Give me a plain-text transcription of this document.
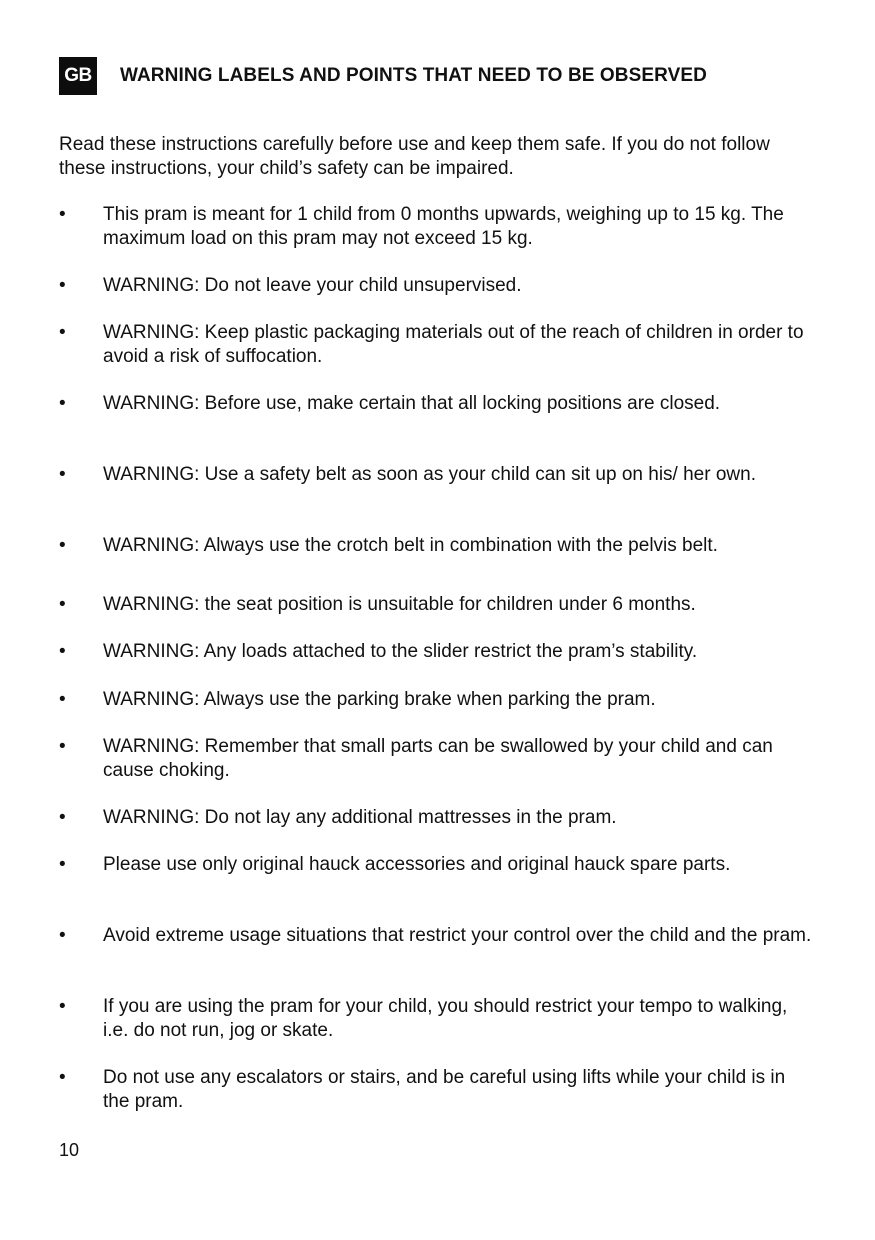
GB WARNING LABELS AND POINTS THAT NEED TO BE OBSERVED

Read these instructions carefully before use and keep them safe. If you do not follow these instructions, your child’s safety can be impaired.

• This pram is meant for 1 child from 0 months upwards, weighing up to 15 kg. The maximum load on this pram may not exceed 15 kg.
• WARNING: Do not leave your child unsupervised.
• WARNING: Keep plastic packaging materials out of the reach of children in order to avoid a risk of suffocation.
• WARNING: Before use, make certain that all locking positions are closed.
• WARNING: Use a safety belt as soon as your child can sit up on his/ her own.
• WARNING: Always use the crotch belt in combination with the pelvis belt.
• WARNING: the seat position is unsuitable for children under 6 months.
• WARNING: Any loads attached to the slider restrict the pram’s stability.
• WARNING: Always use the parking brake when parking the pram.
• WARNING: Remember that small parts can be swallowed by your child and can cause choking.
• WARNING: Do not lay any additional mattresses in the pram.
• Please use only original hauck accessories and original hauck spare parts.
• Avoid extreme usage situations that restrict your control over the child and the pram.
• If you are using the pram for your child, you should restrict your tempo to walking, i.e. do not run, jog or skate.
• Do not use any escalators or stairs, and be careful using lifts while your child is in the pram.
10
